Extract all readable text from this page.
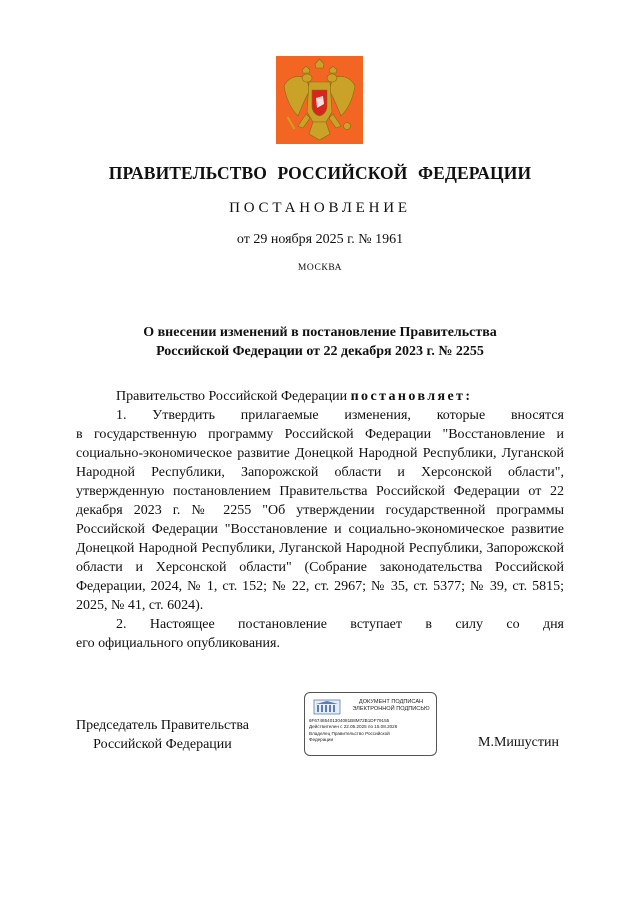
ПРАВИТЕЛЬСТВО РОССИЙСКОЙ ФЕДЕРАЦИИ
ПОСТАНОВЛЕНИЕ
от 29 ноября 2025 г. № 1961
МОСКВА
О внесении изменений в постановление Правительства
Российской Федерации от 22 декабря 2023 г. № 2255

Правительство Российской Федерации постановляет:

1. Утвердить прилагаемые изменения, которые вносятся

в государственную программу Российской Федерации "Восстановление и социально-экономическое развитие Донецкой Народной Республики, Луганской Народной Республики, Запорожской области и Херсонской области", утвержденную постановлением Правительства Российской Федерации от 22 декабря 2023 г. № 2255 "Об утверждении государственной программы Российской Федерации "Восстановление и социально-экономическое развитие Донецкой Народной Республики, Луганской Народной Республики, Запорожской области и Херсонской области" (Собрание законодательства Российской Федерации, 2024, № 1, ст. 152; № 22, ст. 2967; № 35, ст. 5377; № 39, ст. 5815; 2025, № 41, ст. 6024).

2. Настоящее постановление вступает в силу со дня

его официального опубликования.

Председатель Правительства
Российской Федерации
ДОКУМЕНТ ПОДПИСАН
ЭЛЕКТРОННОЙ ПОДПИСЬЮ
6F67485401304081B8M72B1DF79155
Действителен с 22.05.2025 по 15.08.2026
Владелец Правительство Российской
Федерации	М.Мишустин
